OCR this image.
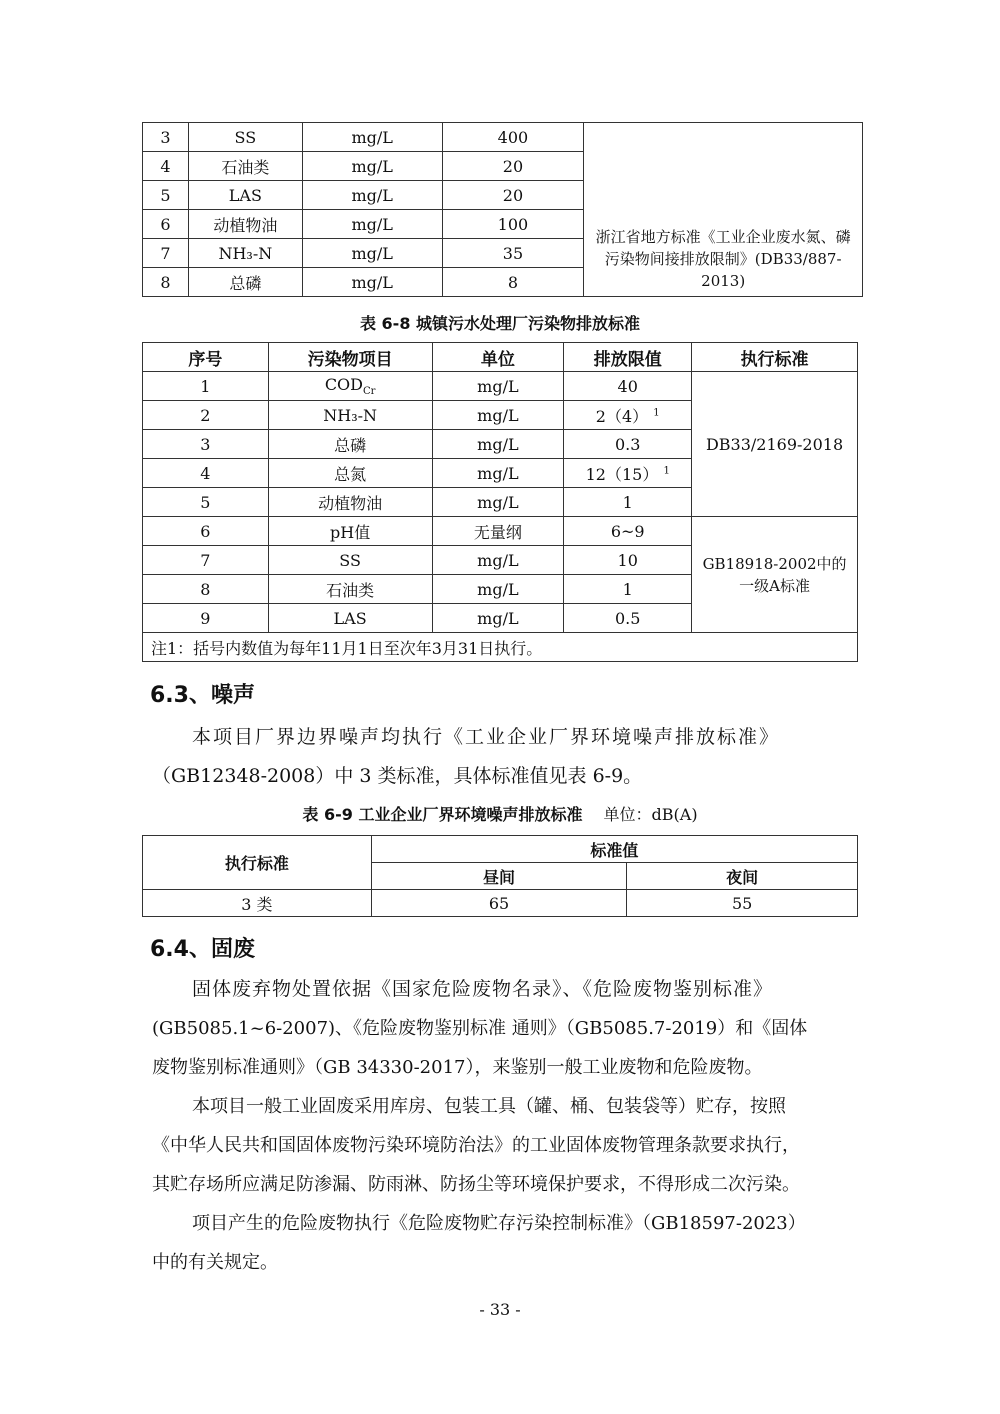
3	SS	mg/L	400	浙江省地方标准《工业企业废水氮、磷
污染物间接排放限制》(DB33/887-2013)

4	石油类	mg/L	20	
5	LAS	mg/L	20	
6	动植物油	mg/L	100	
7	NH₃-N	mg/L	35	
8	总磷	mg/L	8	
表 6-8 城镇污水处理厂污染物排放标准
序号	污染物项目	单位	排放限值	执行标准
1	$COD_{Cr}$	mg/L	40	DB33/2169-2018
2	NH₃-N	mg/L	2（4） $^1$
3	总磷	mg/L	0.3	
4	总氮	mg/L	12（15） $^1$
5	动植物油	mg/L	1	
6	pH值	无量纲	6~9	GB18918-2002中的
一级A标准

7	SS	mg/L	10	
8	石油类	mg/L	1	
9	LAS	mg/L	0.5	
注1：括号内数值为每年11月1日至次年3月31日执行。				
6.3、噪声
本项目厂界边界噪声均执行《工业企业厂界环境噪声排放标准》
（GB12348-2008）中 3 类标准，具体标准值见表 6-9。
表 6-9 工业企业厂界环境噪声排放标准 单位：dB(A)
执行标准	标准值	
	昼间	夜间
3 类	65	55
6.4、固废
固体废弃物处置依据《国家危险废物名录》、《危险废物鉴别标准》
(GB5085.1~6-2007)、《危险废物鉴别标准 通则》（GB5085.7-2019）和《固体
废物鉴别标准通则》（GB 34330-2017），来鉴别一般工业废物和危险废物。
本项目一般工业固废采用库房、包装工具（罐、桶、包装袋等）贮存，按照
《中华人民共和国固体废物污染环境防治法》的工业固体废物管理条款要求执行，
其贮存场所应满足防渗漏、防雨淋、防扬尘等环境保护要求，不得形成二次污染。
项目产生的危险废物执行《危险废物贮存污染控制标准》（GB18597-2023）
中的有关规定。
- 33 -
